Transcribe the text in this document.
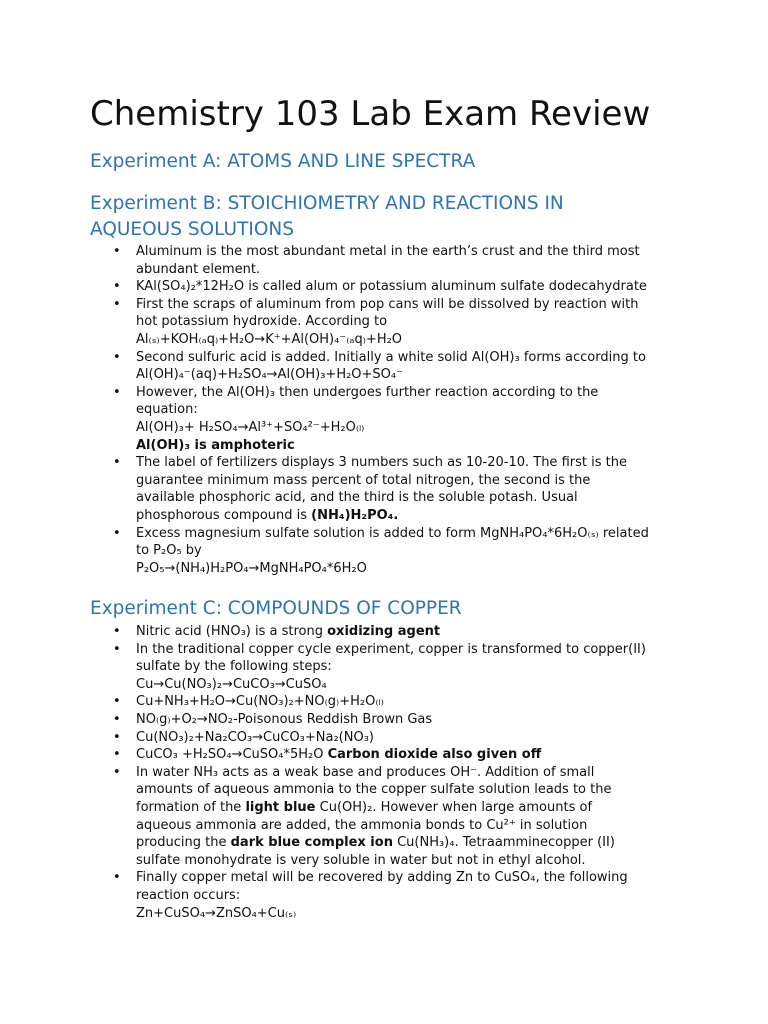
Chemistry 103 Lab Exam Review
Experiment A: ATOMS AND LINE SPECTRA
Experiment B: STOICHIOMETRY AND REACTIONS IN
AQUEOUS SOLUTIONS
• Aluminum is the most abundant metal in the earth’s crust and the third most
abundant element.
• KAl(SO₄)₂*12H₂O is called alum or potassium aluminum sulfate dodecahydrate
• First the scraps of aluminum from pop cans will be dissolved by reaction with
hot potassium hydroxide. According to
Al₍ₛ₎+KOH₍ₐq₎+H₂O→K⁺+Al(OH)₄⁻₍ₐq₎+H₂O
• Second sulfuric acid is added. Initially a white solid Al(OH)₃ forms according to
Al(OH)₄⁻(aq)+H₂SO₄→Al(OH)₃+H₂O+SO₄⁻
• However, the Al(OH)₃ then undergoes further reaction according to the
equation:
Al(OH)₃+ H₂SO₄→Al³⁺+SO₄²⁻+H₂O₍ₗ₎
Al(OH)₃ is amphoteric
• The label of fertilizers displays 3 numbers such as 10-20-10. The first is the
guarantee minimum mass percent of total nitrogen, the second is the
available phosphoric acid, and the third is the soluble potash. Usual
phosphorous compound is (NH₄)H₂PO₄.
• Excess magnesium sulfate solution is added to form MgNH₄PO₄*6H₂O₍ₛ₎ related
to P₂O₅ by
P₂O₅→(NH₄)H₂PO₄→MgNH₄PO₄*6H₂O
Experiment C: COMPOUNDS OF COPPER
• Nitric acid (HNO₃) is a strong oxidizing agent
• In the traditional copper cycle experiment, copper is transformed to copper(II)
sulfate by the following steps:
Cu→Cu(NO₃)₂→CuCO₃→CuSO₄
• Cu+NH₃+H₂O→Cu(NO₃)₂+NO₍g₎+H₂O₍ₗ₎
• NO₍g₎+O₂→NO₂-Poisonous Reddish Brown Gas
• Cu(NO₃)₂+Na₂CO₃→CuCO₃+Na₂(NO₃)
• CuCO₃ +H₂SO₄→CuSO₄*5H₂O Carbon dioxide also given off
• In water NH₃ acts as a weak base and produces OH⁻. Addition of small
amounts of aqueous ammonia to the copper sulfate solution leads to the
formation of the light blue Cu(OH)₂. However when large amounts of
aqueous ammonia are added, the ammonia bonds to Cu²⁺ in solution
producing the dark blue complex ion Cu(NH₃)₄. Tetraamminecopper (II)
sulfate monohydrate is very soluble in water but not in ethyl alcohol.
• Finally copper metal will be recovered by adding Zn to CuSO₄, the following
reaction occurs:
Zn+CuSO₄→ZnSO₄+Cu₍ₛ₎
